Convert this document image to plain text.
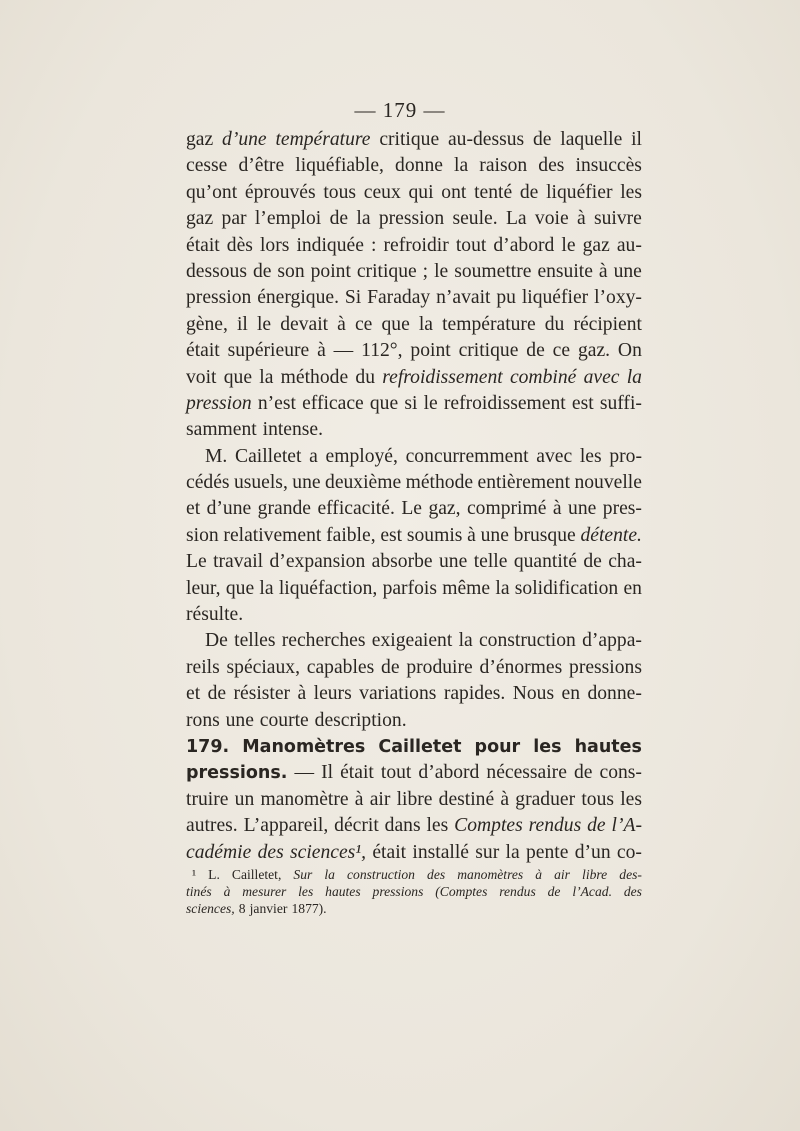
— 179 —
gaz d’une température critique au-dessus de laquelle il
cesse d’être liquéfiable, donne la raison des insuccès
qu’ont éprouvés tous ceux qui ont tenté de liquéfier les
gaz par l’emploi de la pression seule. La voie à suivre
était dès lors indiquée : refroidir tout d’abord le gaz au-
dessous de son point critique ; le soumettre ensuite à une
pression énergique. Si Faraday n’avait pu liquéfier l’oxy-
gène, il le devait à ce que la température du récipient
était supérieure à — 112°, point critique de ce gaz. On
voit que la méthode du refroidissement combiné avec la
pression n’est efficace que si le refroidissement est suffi-
samment intense.
M. Cailletet a employé, concurremment avec les pro-
cédés usuels, une deuxième méthode entièrement nouvelle
et d’une grande efficacité. Le gaz, comprimé à une pres-
sion relativement faible, est soumis à une brusque détente.
Le travail d’expansion absorbe une telle quantité de cha-
leur, que la liquéfaction, parfois même la solidification en
résulte.
De telles recherches exigeaient la construction d’appa-
reils spéciaux, capables de produire d’énormes pressions
et de résister à leurs variations rapides. Nous en donne-
rons une courte description.
179. Manomètres Cailletet pour les hautes
pressions. — Il était tout d’abord nécessaire de cons-
truire un manomètre à air libre destiné à graduer tous les
autres. L’appareil, décrit dans les Comptes rendus de l’A-
cadémie des sciences¹, était installé sur la pente d’un co-
¹ L. Cailletet, Sur la construction des manomètres à air libre des-
tinés à mesurer les hautes pressions (Comptes rendus de l’Acad. des
sciences, 8 janvier 1877).
